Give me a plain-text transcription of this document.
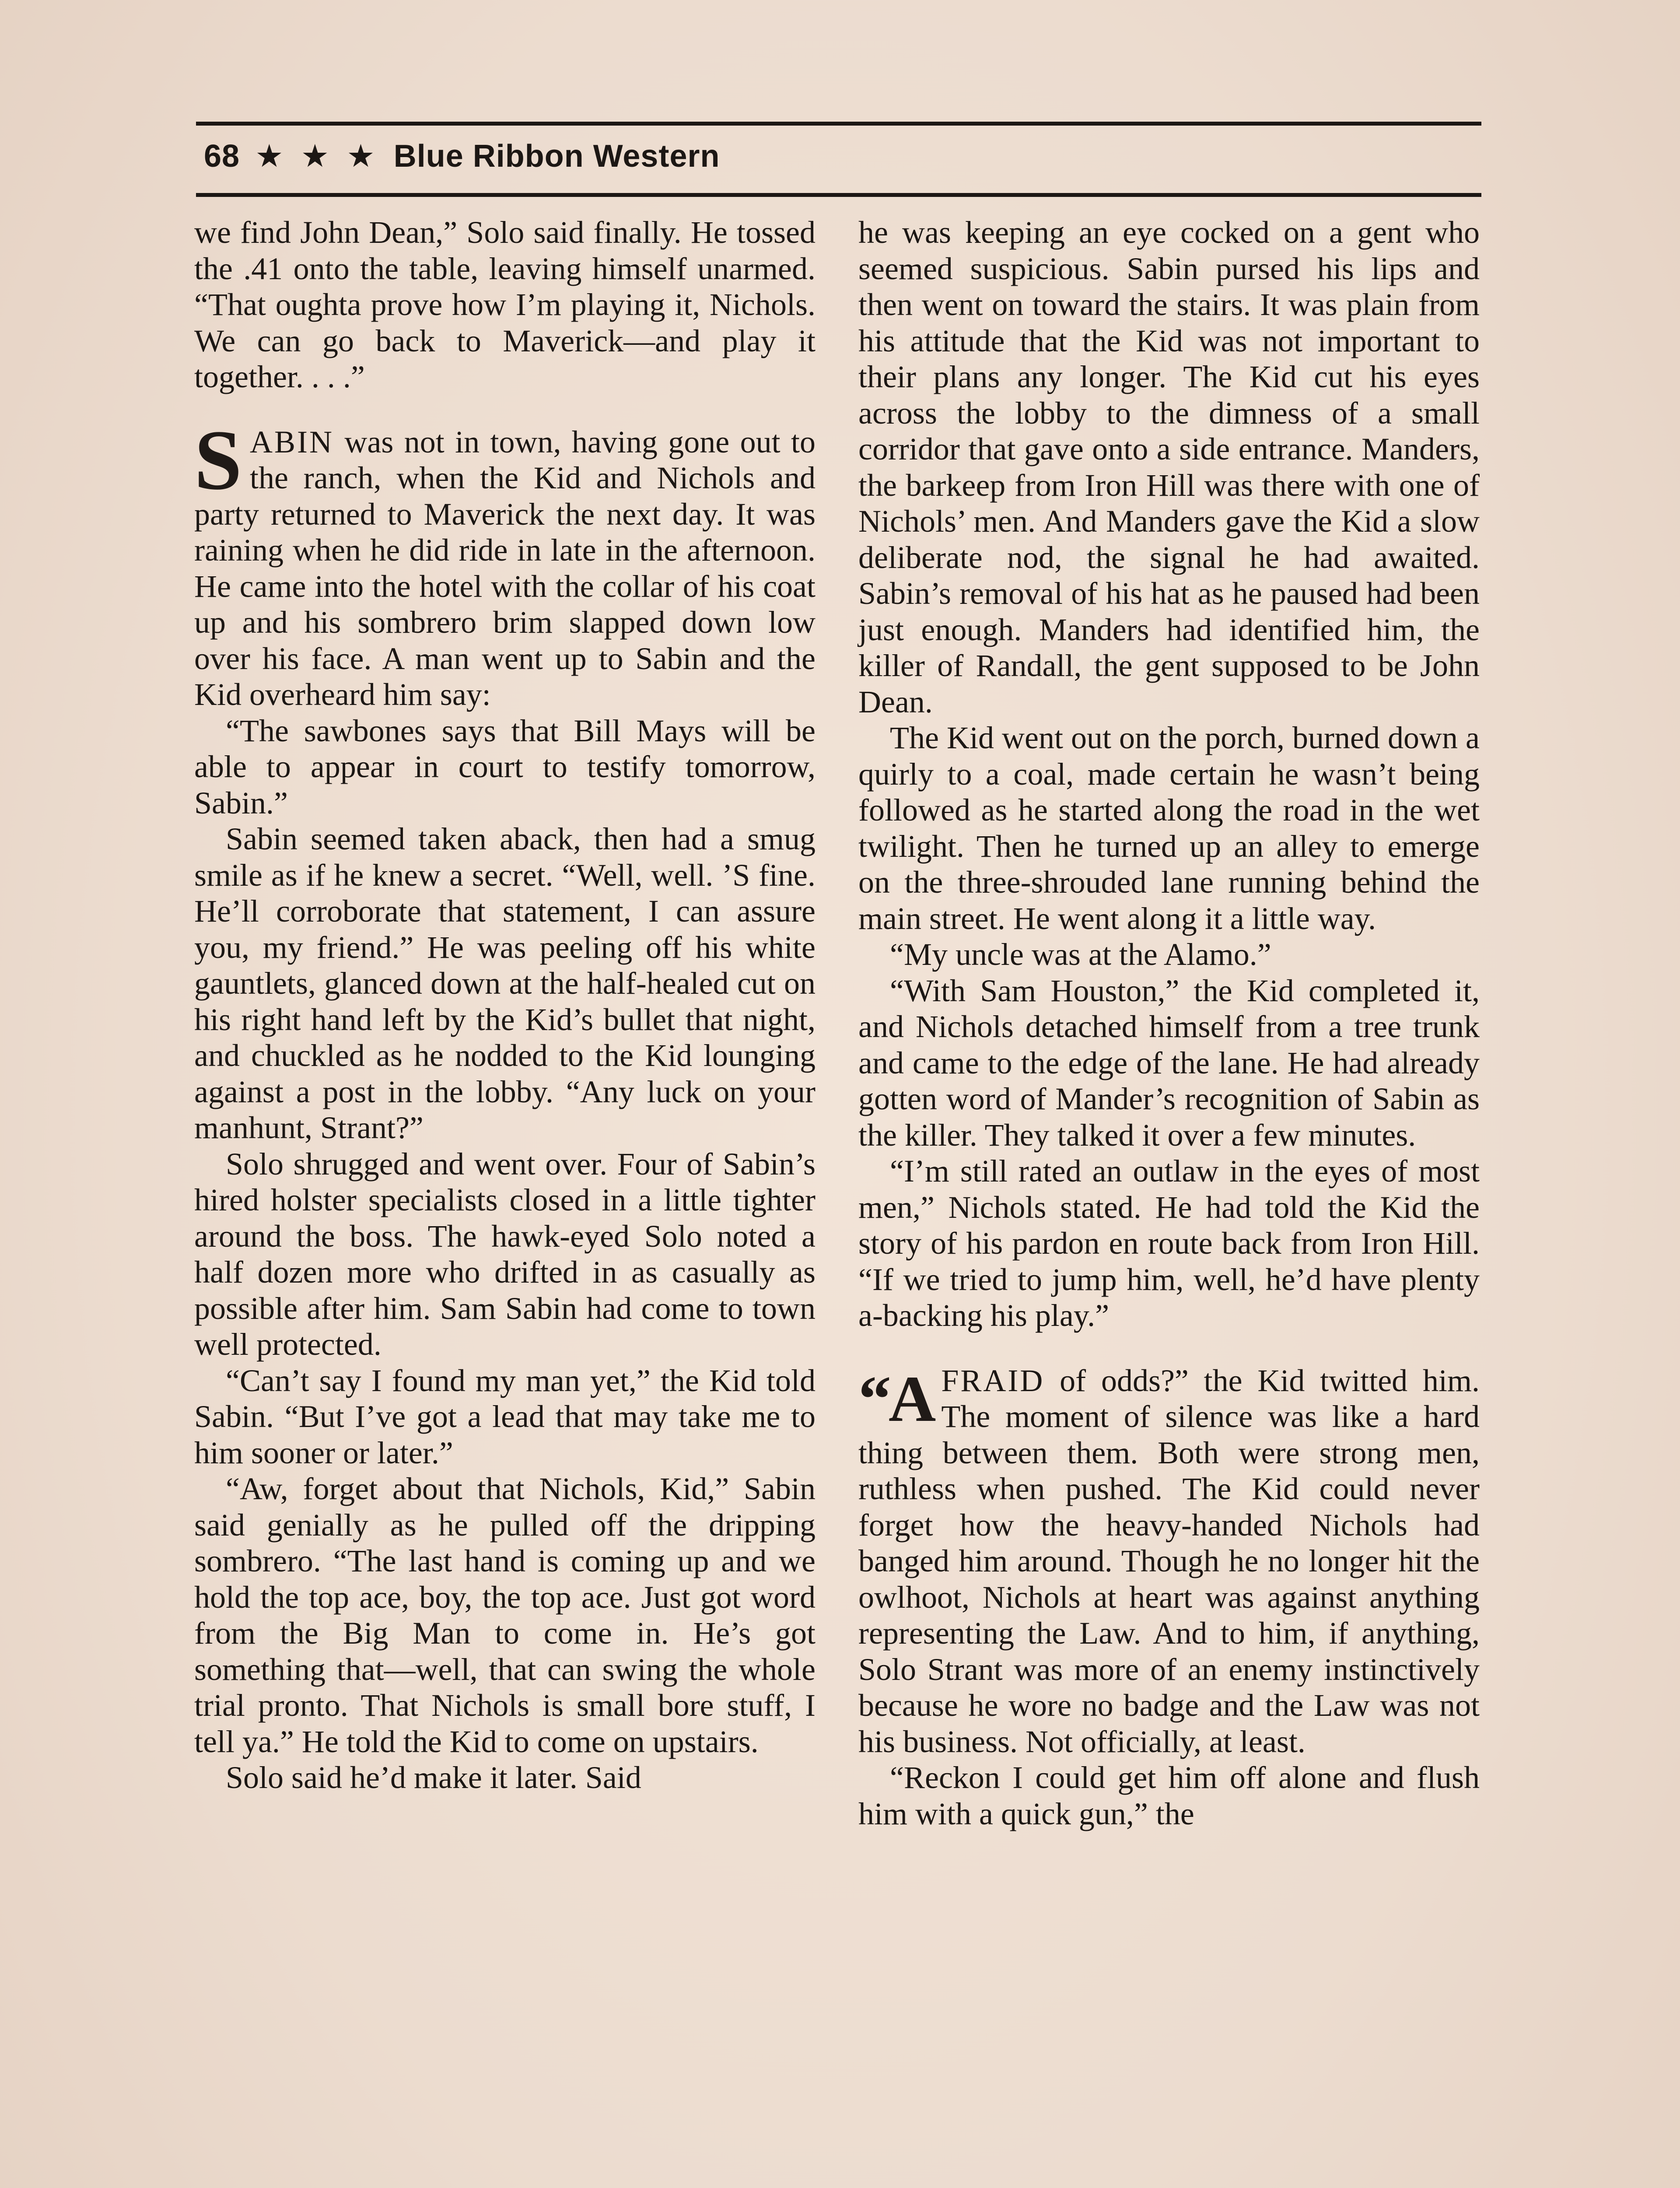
68 ★ ★ ★ Blue Ribbon Western

we find John Dean,” Solo said finally. He tossed the .41 onto the table, leaving himself unarmed. “That oughta prove how I’m playing it, Nichols. We can go back to Maverick—and play it together. . . .”

SABIN was not in town, having gone out to the ranch, when the Kid and Nichols and party returned to Maverick the next day. It was raining when he did ride in late in the afternoon. He came into the hotel with the collar of his coat up and his sombrero brim slapped down low over his face. A man went up to Sabin and the Kid overheard him say:

“The sawbones says that Bill Mays will be able to appear in court to testify tomorrow, Sabin.”

Sabin seemed taken aback, then had a smug smile as if he knew a secret. “Well, well. ’S fine. He’ll corroborate that statement, I can assure you, my friend.” He was peeling off his white gauntlets, glanced down at the half-healed cut on his right hand left by the Kid’s bullet that night, and chuckled as he nodded to the Kid lounging against a post in the lobby. “Any luck on your manhunt, Strant?”

Solo shrugged and went over. Four of Sabin’s hired holster specialists closed in a little tighter around the boss. The hawk-eyed Solo noted a half dozen more who drifted in as casually as possible after him. Sam Sabin had come to town well protected.

“Can’t say I found my man yet,” the Kid told Sabin. “But I’ve got a lead that may take me to him sooner or later.”

“Aw, forget about that Nichols, Kid,” Sabin said genially as he pulled off the dripping sombrero. “The last hand is coming up and we hold the top ace, boy, the top ace. Just got word from the Big Man to come in. He’s got something that—well, that can swing the whole trial pronto. That Nichols is small bore stuff, I tell ya.” He told the Kid to come on upstairs.

Solo said he’d make it later. Said

he was keeping an eye cocked on a gent who seemed suspicious. Sabin pursed his lips and then went on toward the stairs. It was plain from his attitude that the Kid was not important to their plans any longer. The Kid cut his eyes across the lobby to the dimness of a small corridor that gave onto a side entrance. Manders, the barkeep from Iron Hill was there with one of Nichols’ men. And Manders gave the Kid a slow deliberate nod, the signal he had awaited. Sabin’s removal of his hat as he paused had been just enough. Manders had identified him, the killer of Randall, the gent supposed to be John Dean.

The Kid went out on the porch, burned down a quirly to a coal, made certain he wasn’t being followed as he started along the road in the wet twilight. Then he turned up an alley to emerge on the three-shrouded lane running behind the main street. He went along it a little way.

“My uncle was at the Alamo.”

“With Sam Houston,” the Kid completed it, and Nichols detached himself from a tree trunk and came to the edge of the lane. He had already gotten word of Mander’s recognition of Sabin as the killer. They talked it over a few minutes.

“I’m still rated an outlaw in the eyes of most men,” Nichols stated. He had told the Kid the story of his pardon en route back from Iron Hill. “If we tried to jump him, well, he’d have plenty a-backing his play.”

“AFRAID of odds?” the Kid twitted him. The moment of silence was like a hard thing between them. Both were strong men, ruthless when pushed. The Kid could never forget how the heavy-handed Nichols had banged him around. Though he no longer hit the owlhoot, Nichols at heart was against anything representing the Law. And to him, if anything, Solo Strant was more of an enemy instinctively because he wore no badge and the Law was not his business. Not officially, at least.

“Reckon I could get him off alone and flush him with a quick gun,” the
